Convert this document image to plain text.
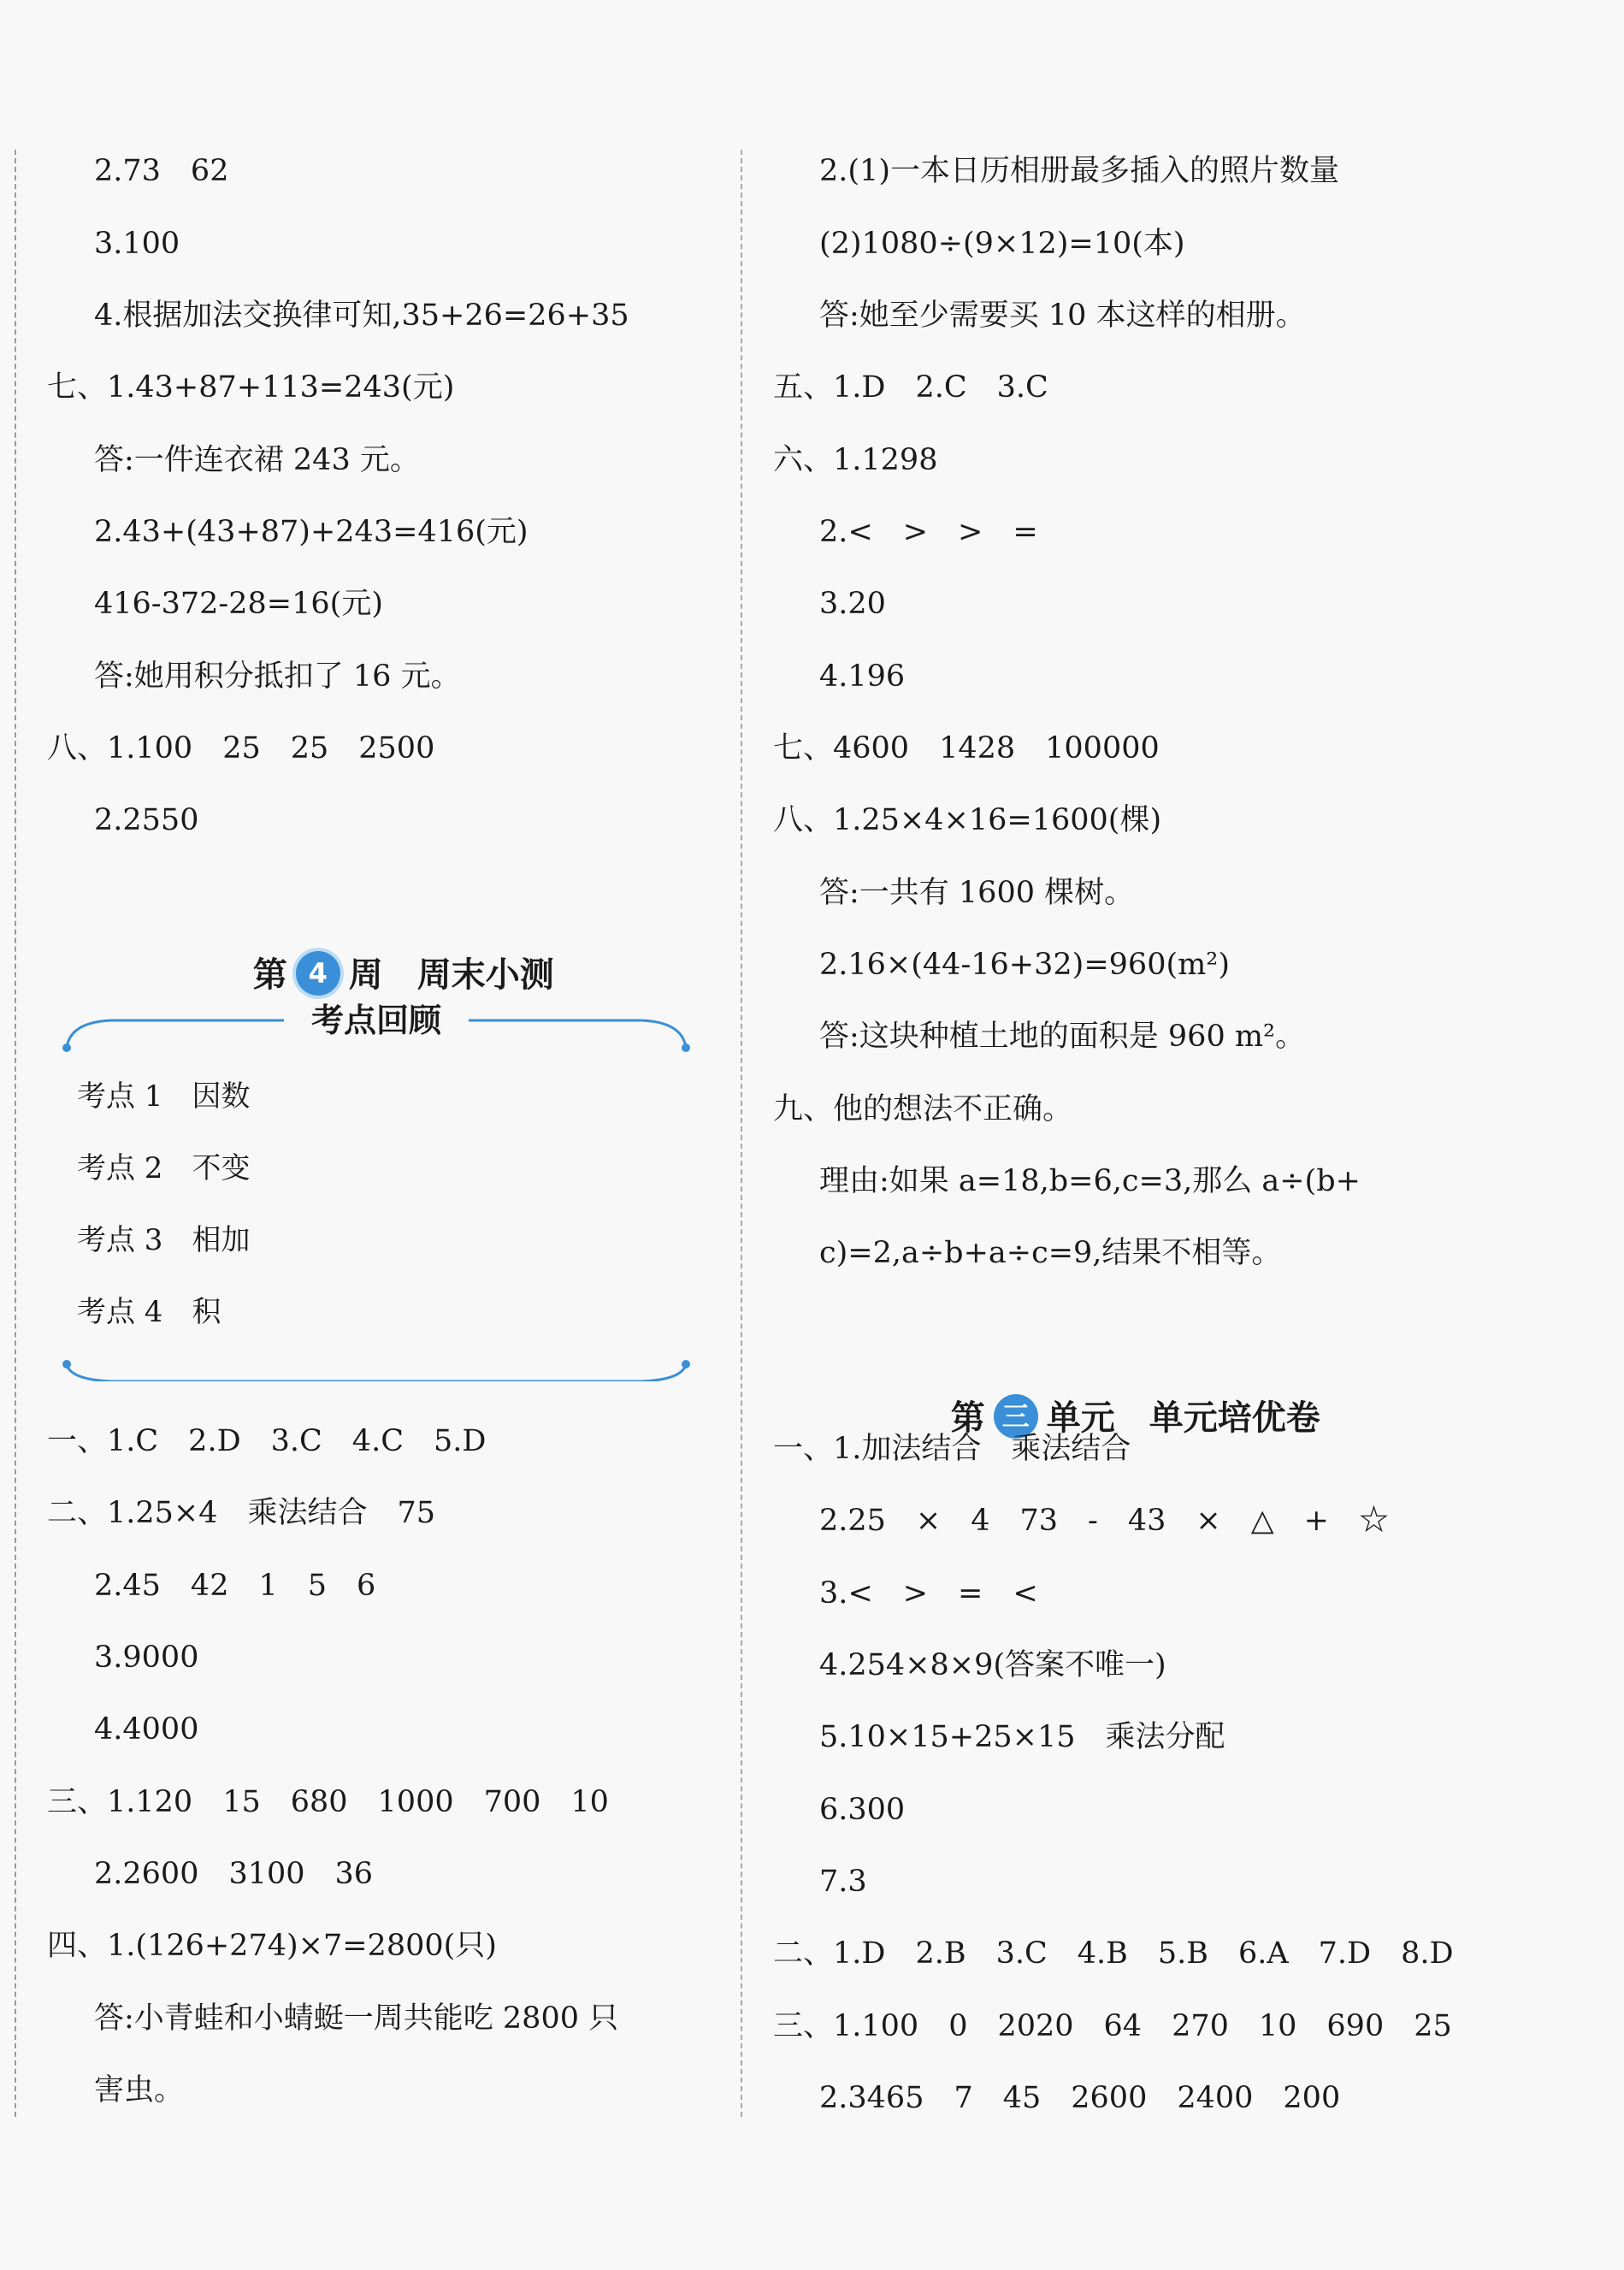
2.73　62
3.100
4.根据加法交换律可知,35+26=26+35
七、1.43+87+113=243(元)
答:一件连衣裙 243 元。
2.43+(43+87)+243=416(元)
416-372-28=16(元)
答:她用积分抵扣了 16 元。
八、1.100　25　25　2500
2.2550

第 4 周　周末小测

考点回顾
考点 1　 因数
考点 2　 不变
考点 3　 相加
考点 4　 积
一、1.C　2.D　3.C　4.C　5.D
二、1.25×4　乘法结合　75
2.45　42　1　5　6
3.9000
4.4000
三、1.120　15　680　1000　700　10
2.2600　3100　36
四、1.(126+274)×7=2800(只)
答:小青蛙和小蜻蜓一周共能吃 2800 只
害虫。
2.(1)一本日历相册最多插入的照片数量
(2)1080÷(9×12)=10(本)
答:她至少需要买 10 本这样的相册。
五、1.D　2.C　3.C
六、1.1298
2.<　>　>　=
3.20
4.196
七、4600　1428　100000
八、1.25×4×16=1600(棵)
答:一共有 1600 棵树。
2.16×(44-16+32)=960(m²)
答:这块种植土地的面积是 960 m²。
九、他的想法不正确。
理由:如果 a=18,b=6,c=3,那么 a÷(b+
c)=2,a÷b+a÷c=9,结果不相等。

第 三 单元　单元培优卷

一、1.加法结合　乘法结合
2.25　×　4　73　-　43　×　△　+　☆
3.<　>　=　<
4.254×8×9(答案不唯一)
5.10×15+25×15　乘法分配
6.300
7.3
二、1.D　2.B　3.C　4.B　5.B　6.A　7.D　8.D
三、1.100　0　2020　64　270　10　690　25
2.3465　7　45　2600　2400　200
